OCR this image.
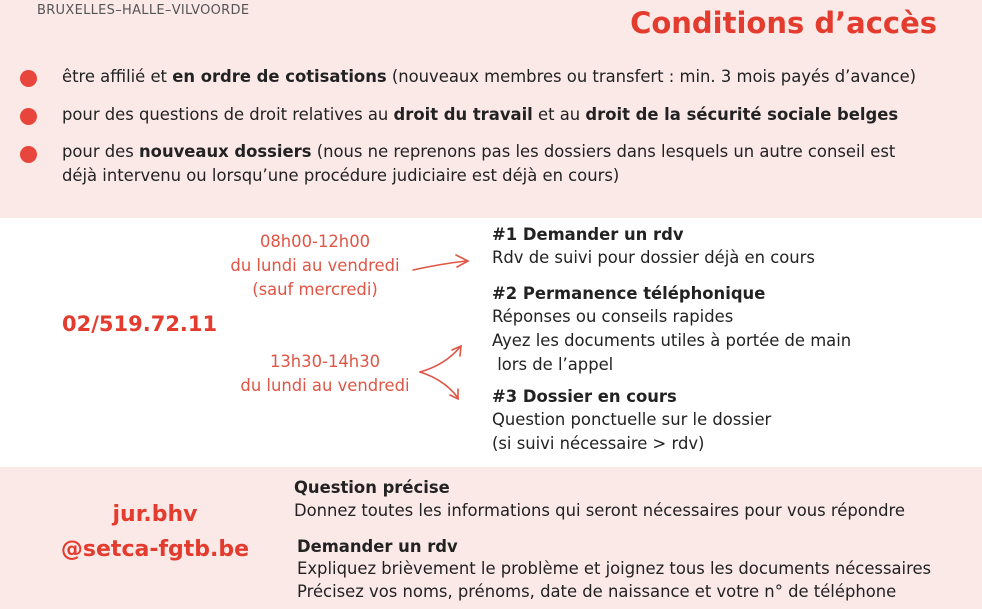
BRUXELLES–HALLE–VILVOORDE	Conditions d’accès
être affilié et en ordre de cotisations (nouveaux membres ou transfert : min. 3 mois payés d’avance)
pour des questions de droit relatives au droit du travail et au droit de la sécurité sociale belges
pour des nouveaux dossiers (nous ne reprenons pas les dossiers dans lesquels un autre conseil est
déjà intervenu ou lorsqu’une procédure judiciaire est déjà en cours)
08h00-12h00
du lundi au vendredi
(sauf mercredi)
02/519.72.11
13h30-14h30
du lundi au vendredi
#1 Demander un rdv
Rdv de suivi pour dossier déjà en cours
#2 Permanence téléphonique
Réponses ou conseils rapides
Ayez les documents utiles à portée de main
lors de l’appel
#3 Dossier en cours
Question ponctuelle sur le dossier
(si suivi nécessaire > rdv)
jur.bhv
@setca-fgtb.be
Question précise
Donnez toutes les informations qui seront nécessaires pour vous répondre
Demander un rdv
Expliquez brièvement le problème et joignez tous les documents nécessaires
Précisez vos noms, prénoms, date de naissance et votre n° de téléphone
